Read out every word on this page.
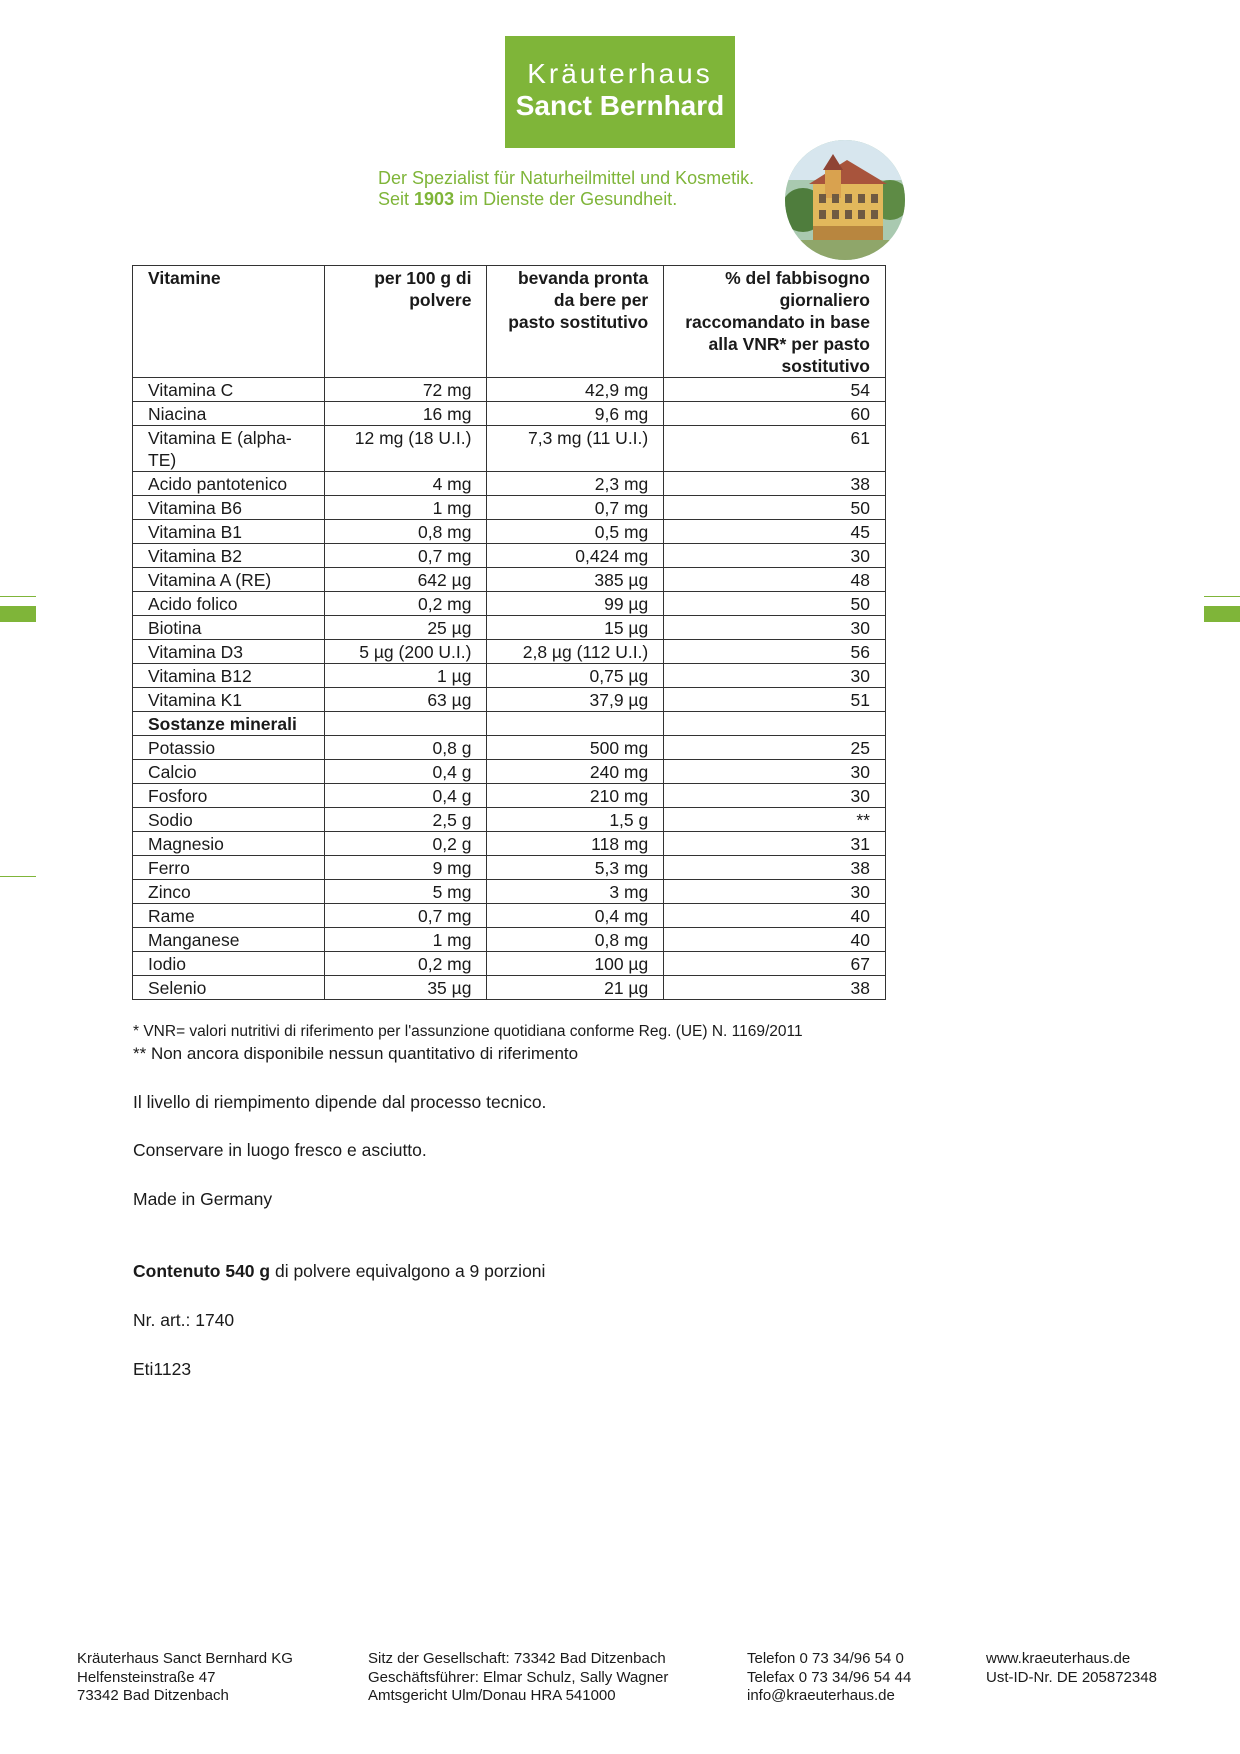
Kräuterhaus
Sanct Bernhard
Der Spezialist für Naturheilmittel und Kosmetik.
Seit 1903 im Dienste der Gesundheit.
Vitamine	per 100 g di polvere	bevanda pronta da bere per pasto sostitutivo	% del fabbisogno giornaliero raccomandato in base alla VNR* per pasto sostitutivo
Vitamina C	72 mg	42,9 mg	54
Niacina	16 mg	9,6 mg	60
Vitamina E (alpha-TE)	12 mg (18 U.I.)	7,3 mg (11 U.I.)	61
Acido pantotenico	4 mg	2,3 mg	38
Vitamina B6	1 mg	0,7 mg	50
Vitamina B1	0,8 mg	0,5 mg	45
Vitamina B2	0,7 mg	0,424 mg	30
Vitamina A (RE)	642 µg	385 µg	48
Acido folico	0,2 mg	99 µg	50
Biotina	25 µg	15 µg	30
Vitamina D3	5 µg (200 U.I.)	2,8 µg (112 U.I.)	56
Vitamina B12	1 µg	0,75 µg	30
Vitamina K1	63 µg	37,9 µg	51
Sostanze minerali			
Potassio	0,8 g	500 mg	25
Calcio	0,4 g	240 mg	30
Fosforo	0,4 g	210 mg	30
Sodio	2,5 g	1,5 g	**
Magnesio	0,2 g	118 mg	31
Ferro	9 mg	5,3 mg	38
Zinco	5 mg	3 mg	30
Rame	0,7 mg	0,4 mg	40
Manganese	1 mg	0,8 mg	40
Iodio	0,2 mg	100 µg	67
Selenio	35 µg	21 µg	38
* VNR= valori nutritivi di riferimento per l'assunzione quotidiana conforme Reg. (UE) N. 1169/2011
** Non ancora disponibile nessun quantitativo di riferimento
Il livello di riempimento dipende dal processo tecnico.
Conservare in luogo fresco e asciutto.
Made in Germany
Contenuto 540 g di polvere equivalgono a 9 porzioni
Nr. art.: 1740
Eti1123
Kräuterhaus Sanct Bernhard KG
Helfensteinstraße 47
73342 Bad Ditzenbach
Sitz der Gesellschaft: 73342 Bad Ditzenbach
Geschäftsführer: Elmar Schulz, Sally Wagner
Amtsgericht Ulm/Donau HRA 541000
Telefon 0 73 34/96 54 0
Telefax 0 73 34/96 54 44
info@kraeuterhaus.de
www.kraeuterhaus.de
Ust-ID-Nr. DE 205872348
